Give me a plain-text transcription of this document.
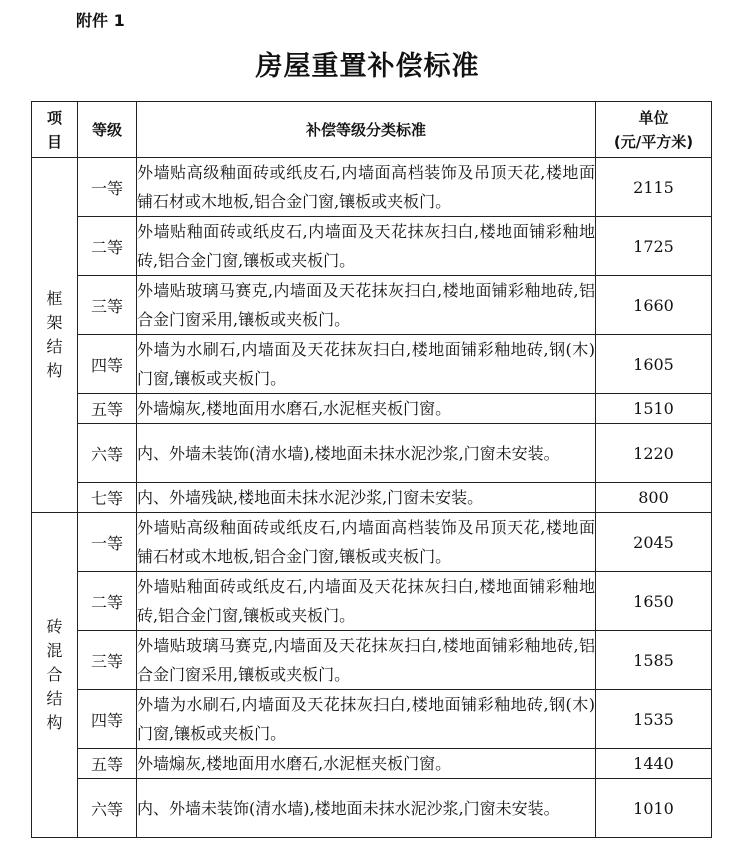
附件 1
房屋重置补偿标准
项目	等级	补偿等级分类标准	单位
(元/平方米)

框架结构	一等	外墙贴高级釉面砖或纸皮石,内墙面高档装饰及吊顶天花,楼地面铺石材或木地板,铝合金门窗,镶板或夹板门。	2115
	二等	外墙贴釉面砖或纸皮石,内墙面及天花抹灰扫白,楼地面铺彩釉地砖,铝合金门窗,镶板或夹板门。	1725
	三等	外墙贴玻璃马赛克,内墙面及天花抹灰扫白,楼地面铺彩釉地砖,铝合金门窗采用,镶板或夹板门。	1660
	四等	外墙为水刷石,内墙面及天花抹灰扫白,楼地面铺彩釉地砖,钢(木)门窗,镶板或夹板门。	1605
	五等	外墙煽灰,楼地面用水磨石,水泥框夹板门窗。	1510
	六等	内、外墙未装饰(清水墙),楼地面未抹水泥沙浆,门窗未安装。	1220
	七等	内、外墙残缺,楼地面未抹水泥沙浆,门窗未安装。	800
砖混合结构	一等	外墙贴高级釉面砖或纸皮石,内墙面高档装饰及吊顶天花,楼地面铺石材或木地板,铝合金门窗,镶板或夹板门。	2045
	二等	外墙贴釉面砖或纸皮石,内墙面及天花抹灰扫白,楼地面铺彩釉地砖,铝合金门窗,镶板或夹板门。	1650
	三等	外墙贴玻璃马赛克,内墙面及天花抹灰扫白,楼地面铺彩釉地砖,铝合金门窗采用,镶板或夹板门。	1585
	四等	外墙为水刷石,内墙面及天花抹灰扫白,楼地面铺彩釉地砖,钢(木)门窗,镶板或夹板门。	1535
	五等	外墙煽灰,楼地面用水磨石,水泥框夹板门窗。	1440
	六等	内、外墙未装饰(清水墙),楼地面未抹水泥沙浆,门窗未安装。	1010
